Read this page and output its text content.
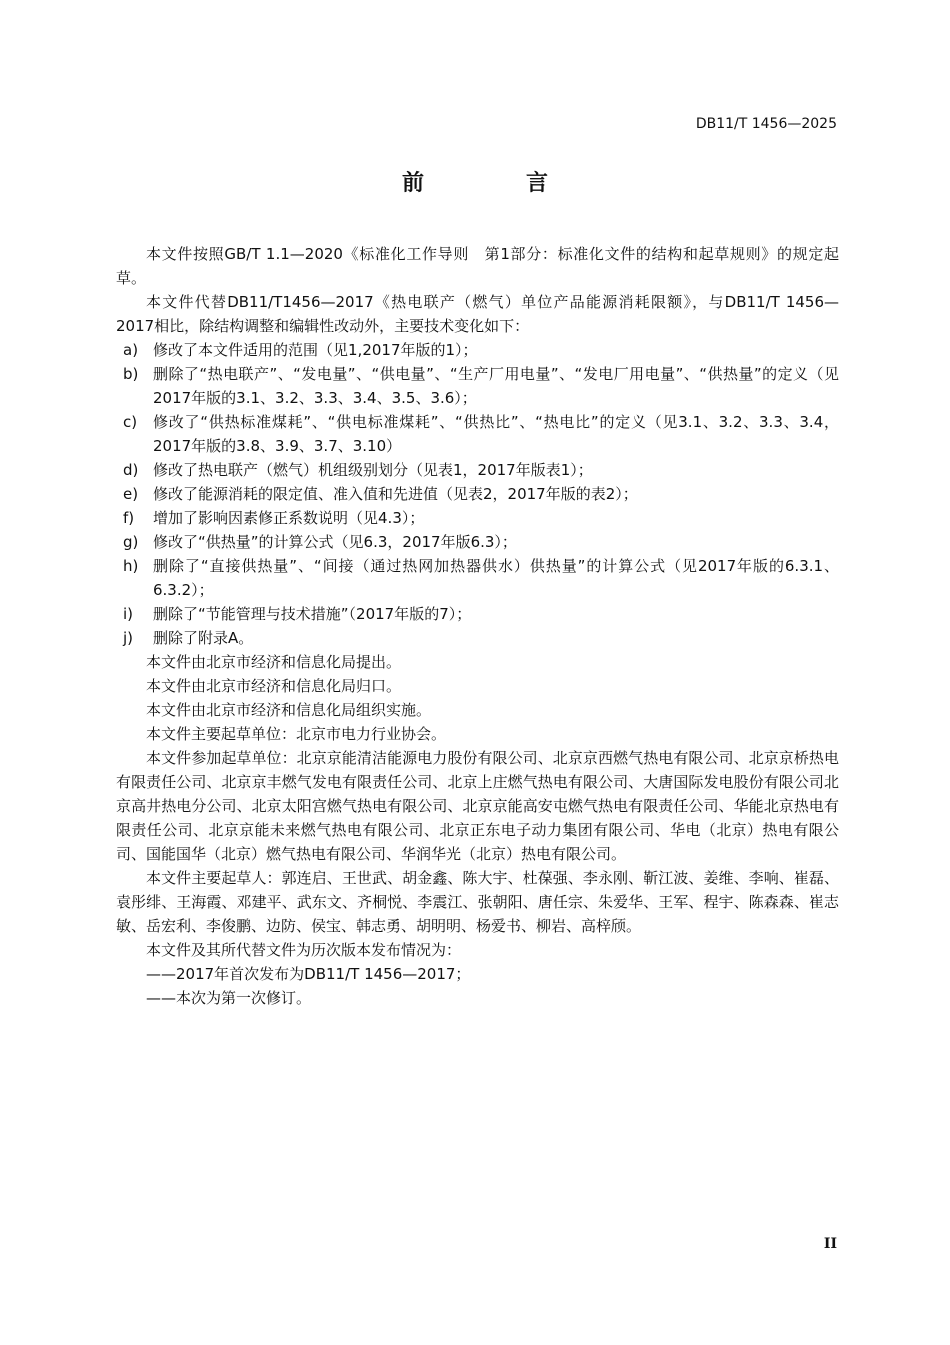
DB11/T 1456—2025
前　言

本文件按照GB/T 1.1—2020《标准化工作导则　第1部分：标准化文件的结构和起草规则》的规定起草。

本文件代替DB11/T1456—2017《热电联产（燃气）单位产品能源消耗限额》，与DB11/T 1456—2017相比，除结构调整和编辑性改动外，主要技术变化如下：

a) 修改了本文件适用的范围（见1,2017年版的1）；
b) 删除了“热电联产”、“发电量”、“供电量”、“生产厂用电量”、“发电厂用电量”、“供热量”的定义（见2017年版的3.1、3.2、3.3、3.4、3.5、3.6）；
c)	修改了“供热标准煤耗”、“供电标准煤耗”、“供热比”、“热电比”的定义（见3.1、3.2、3.3、3.4，2017年版的3.8、3.9、3.7、3.10）
d) 修改了热电联产（燃气）机组级别划分（见表1，2017年版表1）；
e) 修改了能源消耗的限定值、准入值和先进值（见表2，2017年版的表2）；
f)	增加了影响因素修正系数说明（见4.3）；
g) 修改了“供热量”的计算公式（见6.3，2017年版6.3）；
h) 删除了“直接供热量”、“间接（通过热网加热器供水）供热量”的计算公式（见2017年版的6.3.1、6.3.2）；
i)	删除了“节能管理与技术措施”（2017年版的7）；
j)	删除了附录A。

本文件由北京市经济和信息化局提出。

本文件由北京市经济和信息化局归口。

本文件由北京市经济和信息化局组织实施。

本文件主要起草单位：北京市电力行业协会。

本文件参加起草单位：北京京能清洁能源电力股份有限公司、北京京西燃气热电有限公司、北京京桥热电有限责任公司、北京京丰燃气发电有限责任公司、北京上庄燃气热电有限公司、大唐国际发电股份有限公司北京高井热电分公司、北京太阳宫燃气热电有限公司、北京京能高安屯燃气热电有限责任公司、华能北京热电有限责任公司、北京京能未来燃气热电有限公司、北京正东电子动力集团有限公司、华电（北京）热电有限公司、国能国华（北京）燃气热电有限公司、华润华光（北京）热电有限公司。

本文件主要起草人：郭连启、王世武、胡金鑫、陈大宇、杜葆强、李永刚、靳江波、姜维、李响、崔磊、袁彤绯、王海霞、邓建平、武东文、齐桐悦、李震江、张朝阳、唐任宗、朱爱华、王军、程宇、陈森森、崔志敏、岳宏利、李俊鹏、边防、侯宝、韩志勇、胡明明、杨爱书、柳岩、高梓颀。

本文件及其所代替文件为历次版本发布情况为：

——2017年首次发布为DB11/T 1456—2017；

——本次为第一次修订。

II
